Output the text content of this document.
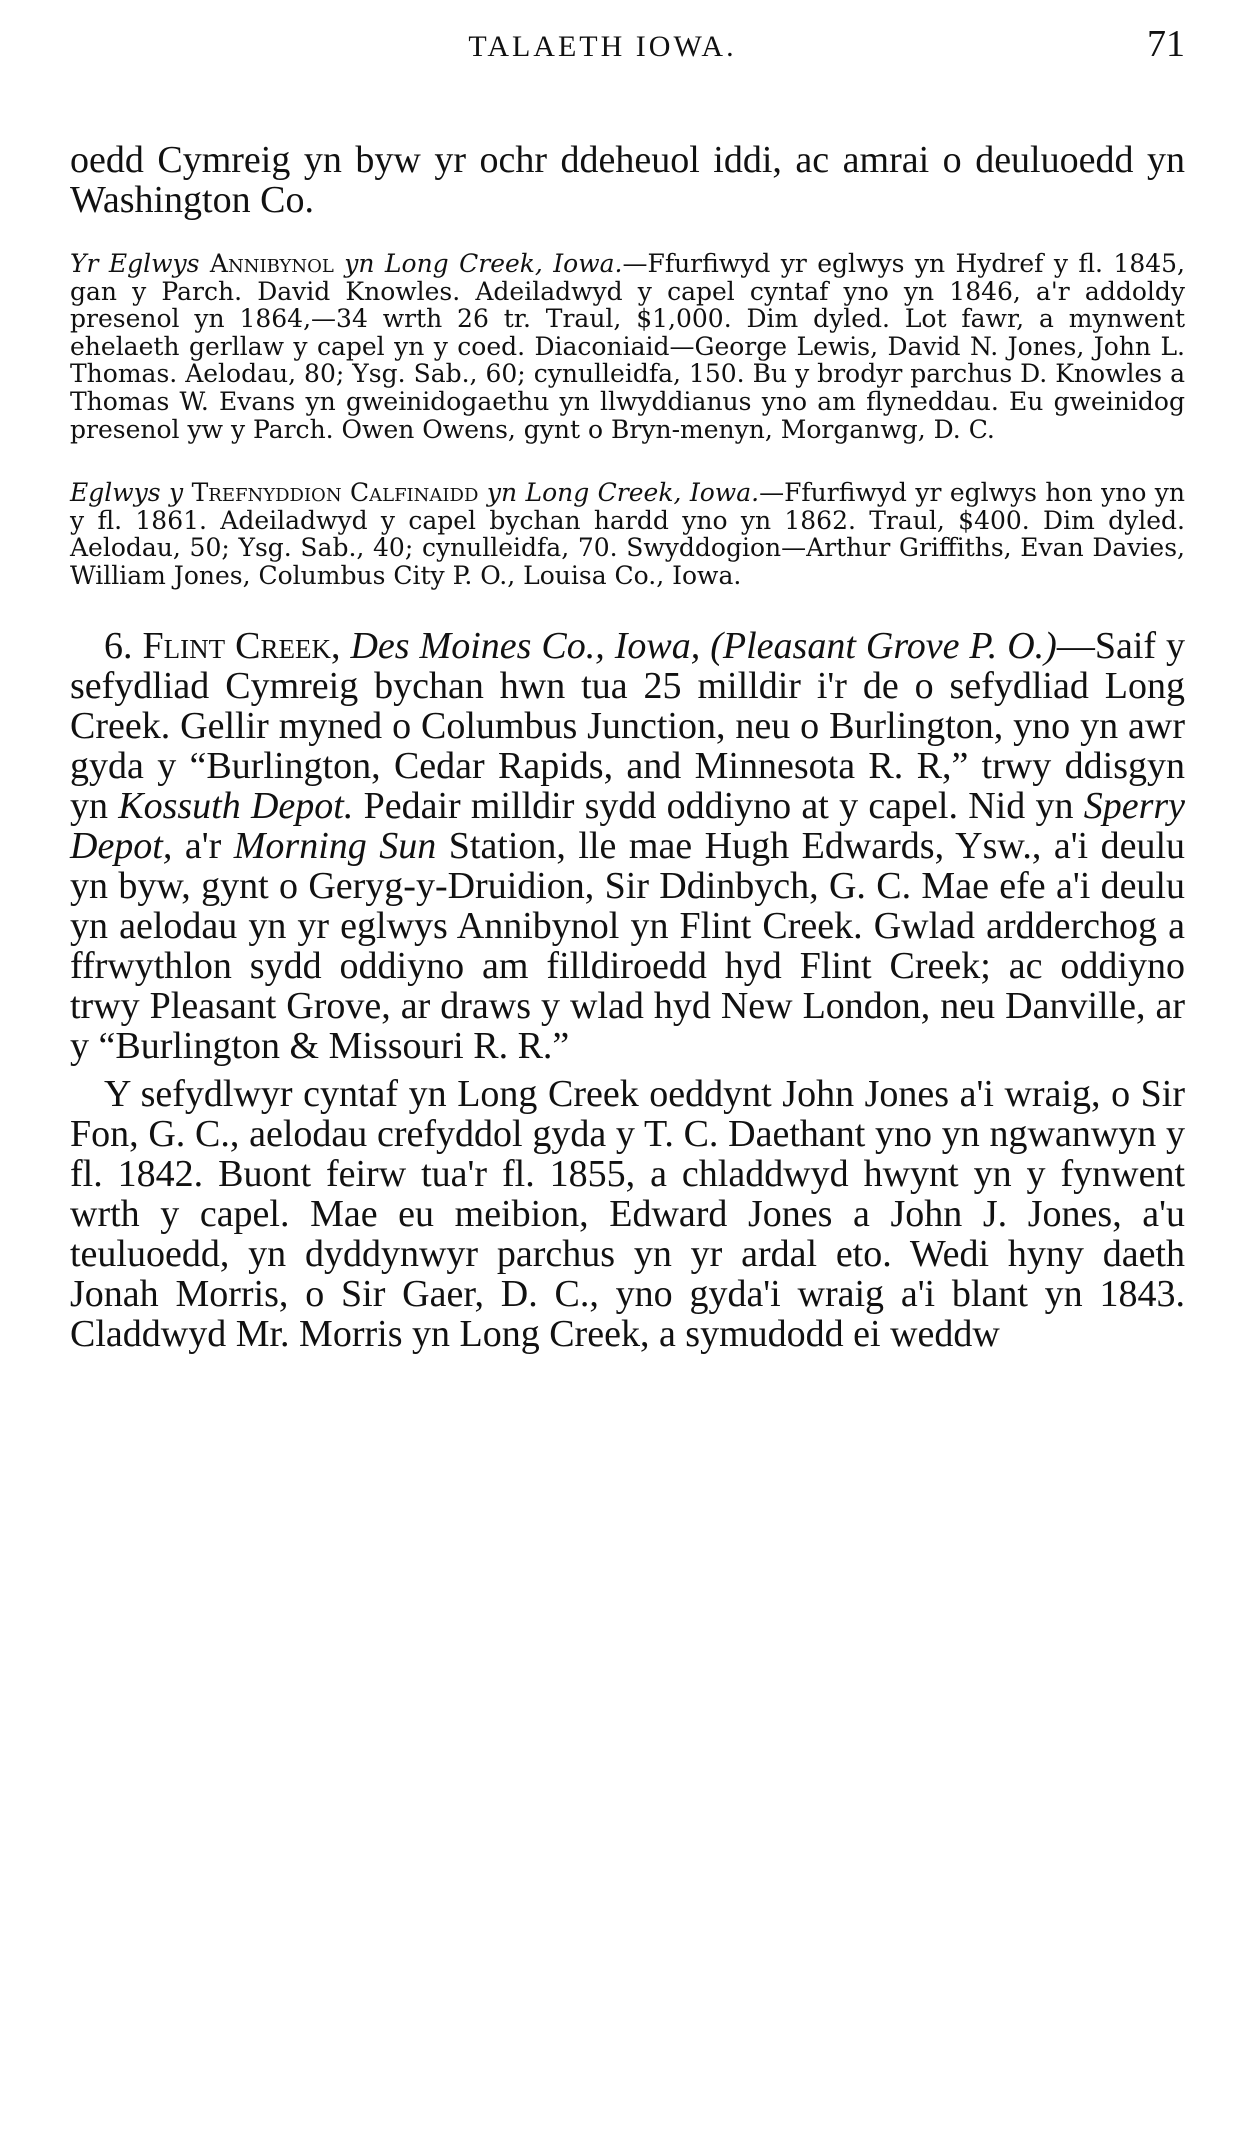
TALAETH IOWA.	71

oedd Cymreig yn byw yr ochr ddeheuol iddi, ac amrai o deuluoedd yn Washington Co.

Yr Eglwys Annibynol yn Long Creek, Iowa.—Ffurfiwyd yr eglwys yn Hydref y fl. 1845, gan y Parch. David Knowles. Adeiladwyd y capel cyntaf yno yn 1846, a'r addoldy presenol yn 1864,—34 wrth 26 tr. Traul, $1,000. Dim dyled. Lot fawr, a mynwent ehelaeth gerllaw y capel yn y coed. Diaconiaid—George Lewis, David N. Jones, John L. Thomas. Aelodau, 80; Ysg. Sab., 60; cynulleidfa, 150. Bu y brodyr parchus D. Knowles a Thomas W. Evans yn gweinidogaethu yn llwyddianus yno am flyneddau. Eu gweinidog presenol yw y Parch. Owen Owens, gynt o Bryn-menyn, Morganwg, D. C.

Eglwys y Trefnyddion Calfinaidd yn Long Creek, Iowa.—Ffurfiwyd yr eglwys hon yno yn y fl. 1861. Adeiladwyd y capel bychan hardd yno yn 1862. Traul, $400. Dim dyled. Aelodau, 50; Ysg. Sab., 40; cynulleidfa, 70. Swyddogion—Arthur Griffiths, Evan Davies, William Jones, Columbus City P. O., Louisa Co., Iowa.

6. Flint Creek, Des Moines Co., Iowa, (Pleasant Grove P. O.)—Saif y sefydliad Cymreig bychan hwn tua 25 milldir i'r de o sefydliad Long Creek. Gellir myned o Columbus Junction, neu o Burlington, yno yn awr gyda y “Burlington, Cedar Rapids, and Minnesota R. R,” trwy ddisgyn yn Kossuth Depot. Pedair milldir sydd oddiyno at y capel. Nid yn Sperry Depot, a'r Morning Sun Station, lle mae Hugh Edwards, Ysw., a'i deulu yn byw, gynt o Geryg-y-Druidion, Sir Ddinbych, G. C. Mae efe a'i deulu yn aelodau yn yr eglwys Annibynol yn Flint Creek. Gwlad ardderchog a ffrwythlon sydd oddiyno am filldiroedd hyd Flint Creek; ac oddiyno trwy Pleasant Grove, ar draws y wlad hyd New London, neu Danville, ar y “Burlington & Missouri R. R.”

Y sefydlwyr cyntaf yn Long Creek oeddynt John Jones a'i wraig, o Sir Fon, G. C., aelodau crefyddol gyda y T. C. Daethant yno yn ngwanwyn y fl. 1842. Buont feirw tua'r fl. 1855, a chladdwyd hwynt yn y fynwent wrth y capel. Mae eu meibion, Edward Jones a John J. Jones, a'u teuluoedd, yn dyddynwyr parchus yn yr ardal eto. Wedi hyny daeth Jonah Morris, o Sir Gaer, D. C., yno gyda'i wraig a'i blant yn 1843. Claddwyd Mr. Morris yn Long Creek, a symudodd ei weddw
